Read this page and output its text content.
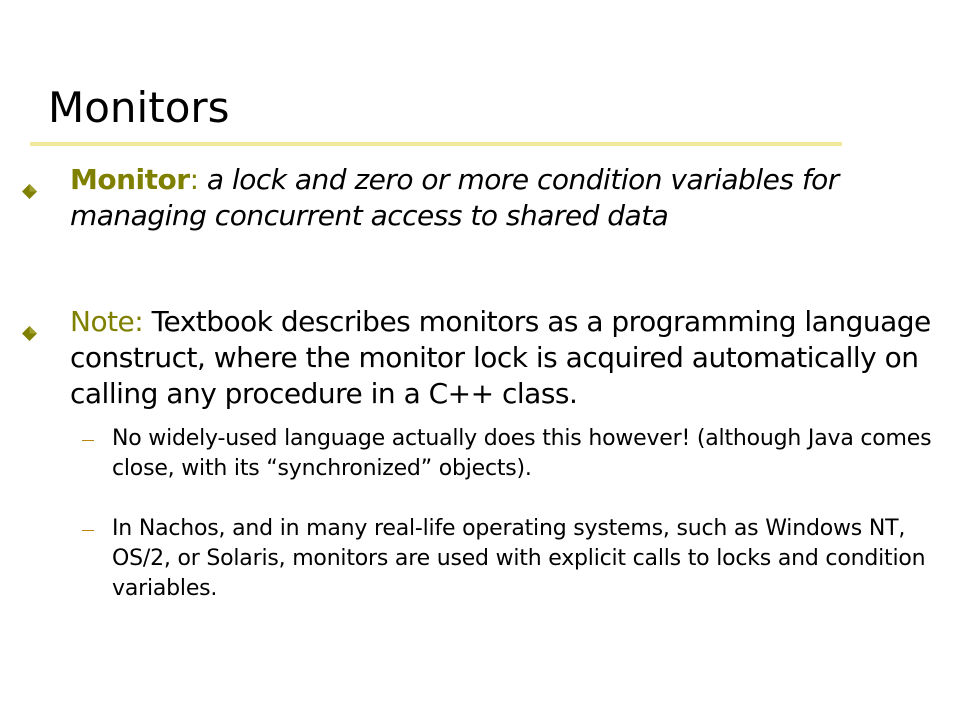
Monitors
Monitor: a lock and zero or more condition variables for managing concurrent access to shared data
Note: Textbook describes monitors as a programming language construct, where the monitor lock is acquired automatically on calling any procedure in a C++ class.
No widely-used language actually does this however! (although Java comes close, with its “synchronized” objects).
In Nachos, and in many real-life operating systems, such as Windows NT, OS/2, or Solaris, monitors are used with explicit calls to locks and condition variables.
